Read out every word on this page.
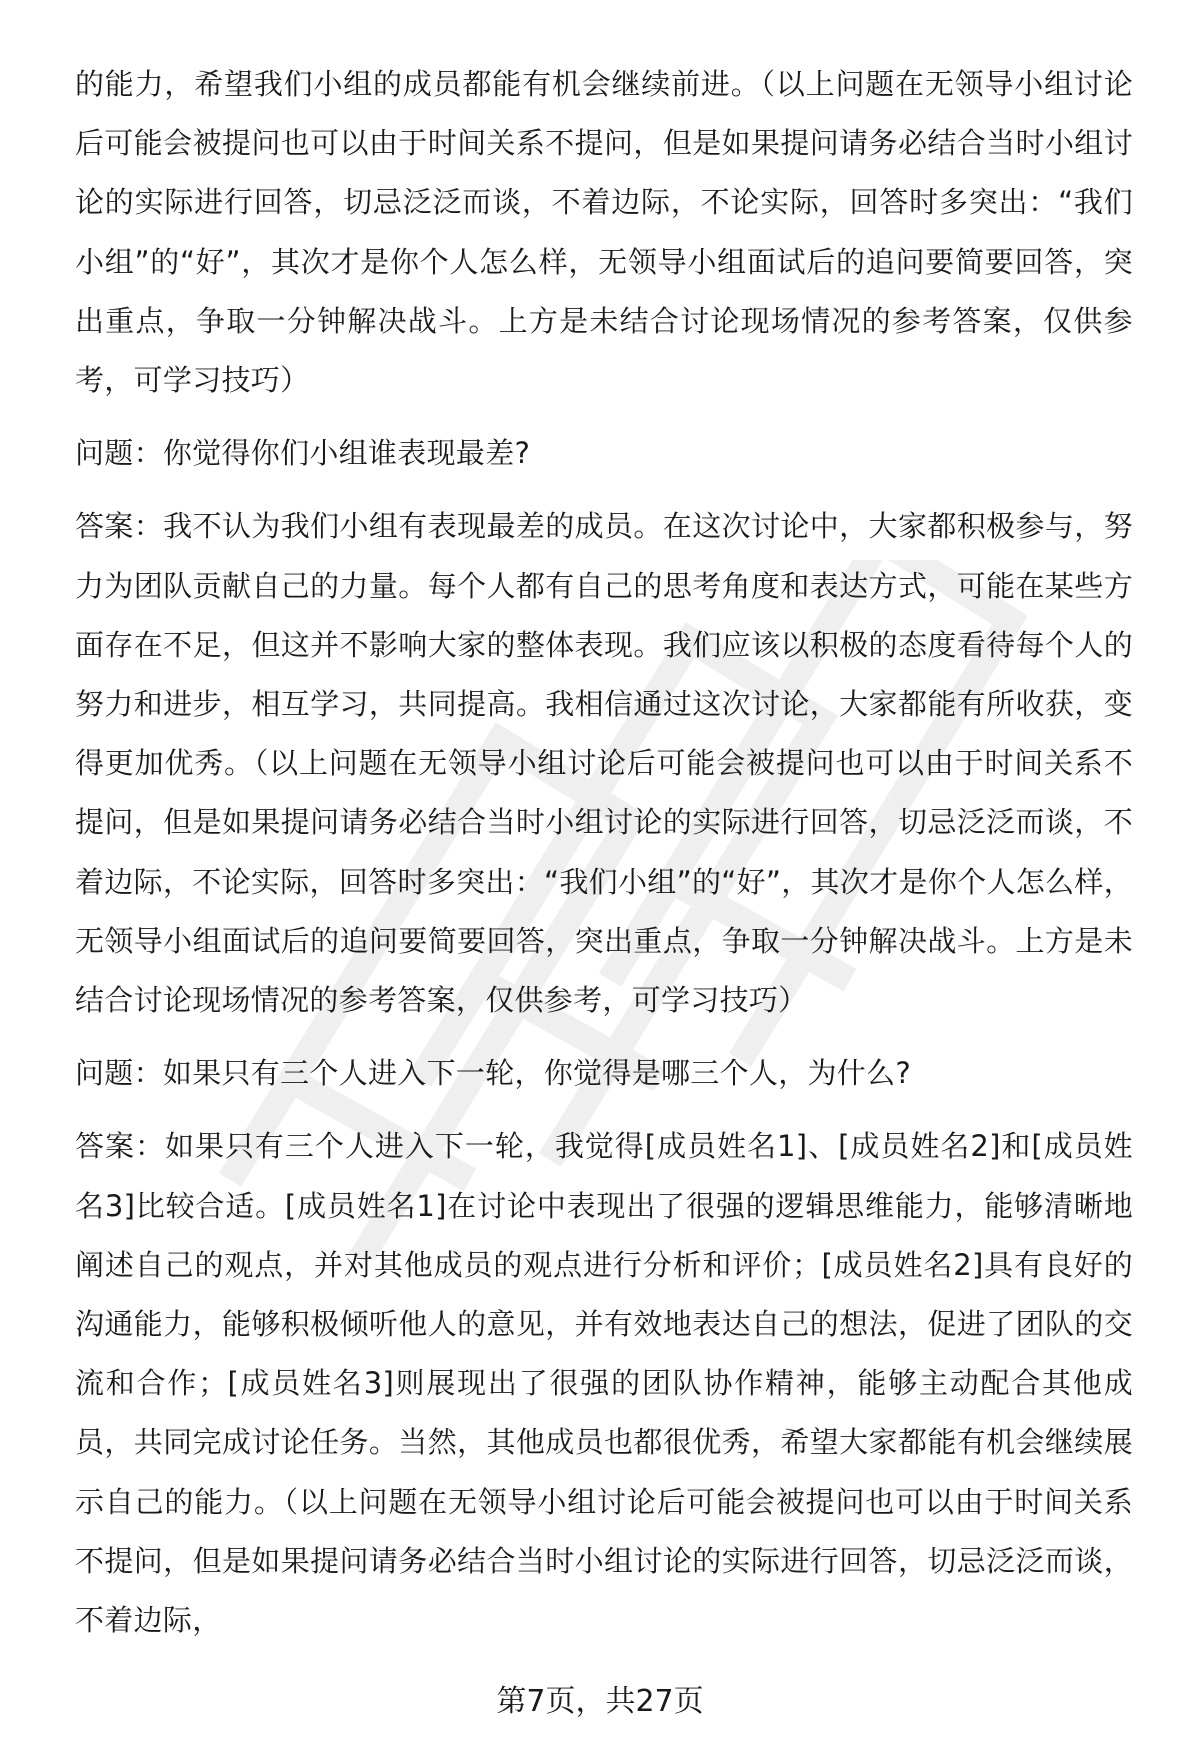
的能力，希望我们小组的成员都能有机会继续前进。（以上问题在无领导小组讨论后可能会被提问也可以由于时间关系不提问，但是如果提问请务必结合当时小组讨论的实际进行回答，切忌泛泛而谈，不着边际，不论实际，回答时多突出：“我们小组”的“好”，其次才是你个人怎么样，无领导小组面试后的追问要简要回答，突出重点，争取一分钟解决战斗。上方是未结合讨论现场情况的参考答案，仅供参考，可学习技巧）

问题：你觉得你们小组谁表现最差?

答案：我不认为我们小组有表现最差的成员。在这次讨论中，大家都积极参与，努力为团队贡献自己的力量。每个人都有自己的思考角度和表达方式，可能在某些方面存在不足，但这并不影响大家的整体表现。我们应该以积极的态度看待每个人的努力和进步，相互学习，共同提高。我相信通过这次讨论，大家都能有所收获，变得更加优秀。（以上问题在无领导小组讨论后可能会被提问也可以由于时间关系不提问，但是如果提问请务必结合当时小组讨论的实际进行回答，切忌泛泛而谈，不着边际，不论实际，回答时多突出：“我们小组”的“好”，其次才是你个人怎么样，无领导小组面试后的追问要简要回答，突出重点，争取一分钟解决战斗。上方是未结合讨论现场情况的参考答案，仅供参考，可学习技巧）

问题：如果只有三个人进入下一轮，你觉得是哪三个人，为什么?

答案：如果只有三个人进入下一轮，我觉得[成员姓名1]、[成员姓名2]和[成员姓名3]比较合适。[成员姓名1]在讨论中表现出了很强的逻辑思维能力，能够清晰地阐述自己的观点，并对其他成员的观点进行分析和评价；[成员姓名2]具有良好的沟通能力，能够积极倾听他人的意见，并有效地表达自己的想法，促进了团队的交流和合作；[成员姓名3]则展现出了很强的团队协作精神，能够主动配合其他成员，共同完成讨论任务。当然，其他成员也都很优秀，希望大家都能有机会继续展示自己的能力。（以上问题在无领导小组讨论后可能会被提问也可以由于时间关系不提问，但是如果提问请务必结合当时小组讨论的实际进行回答，切忌泛泛而谈，不着边际，

第7页，共27页
